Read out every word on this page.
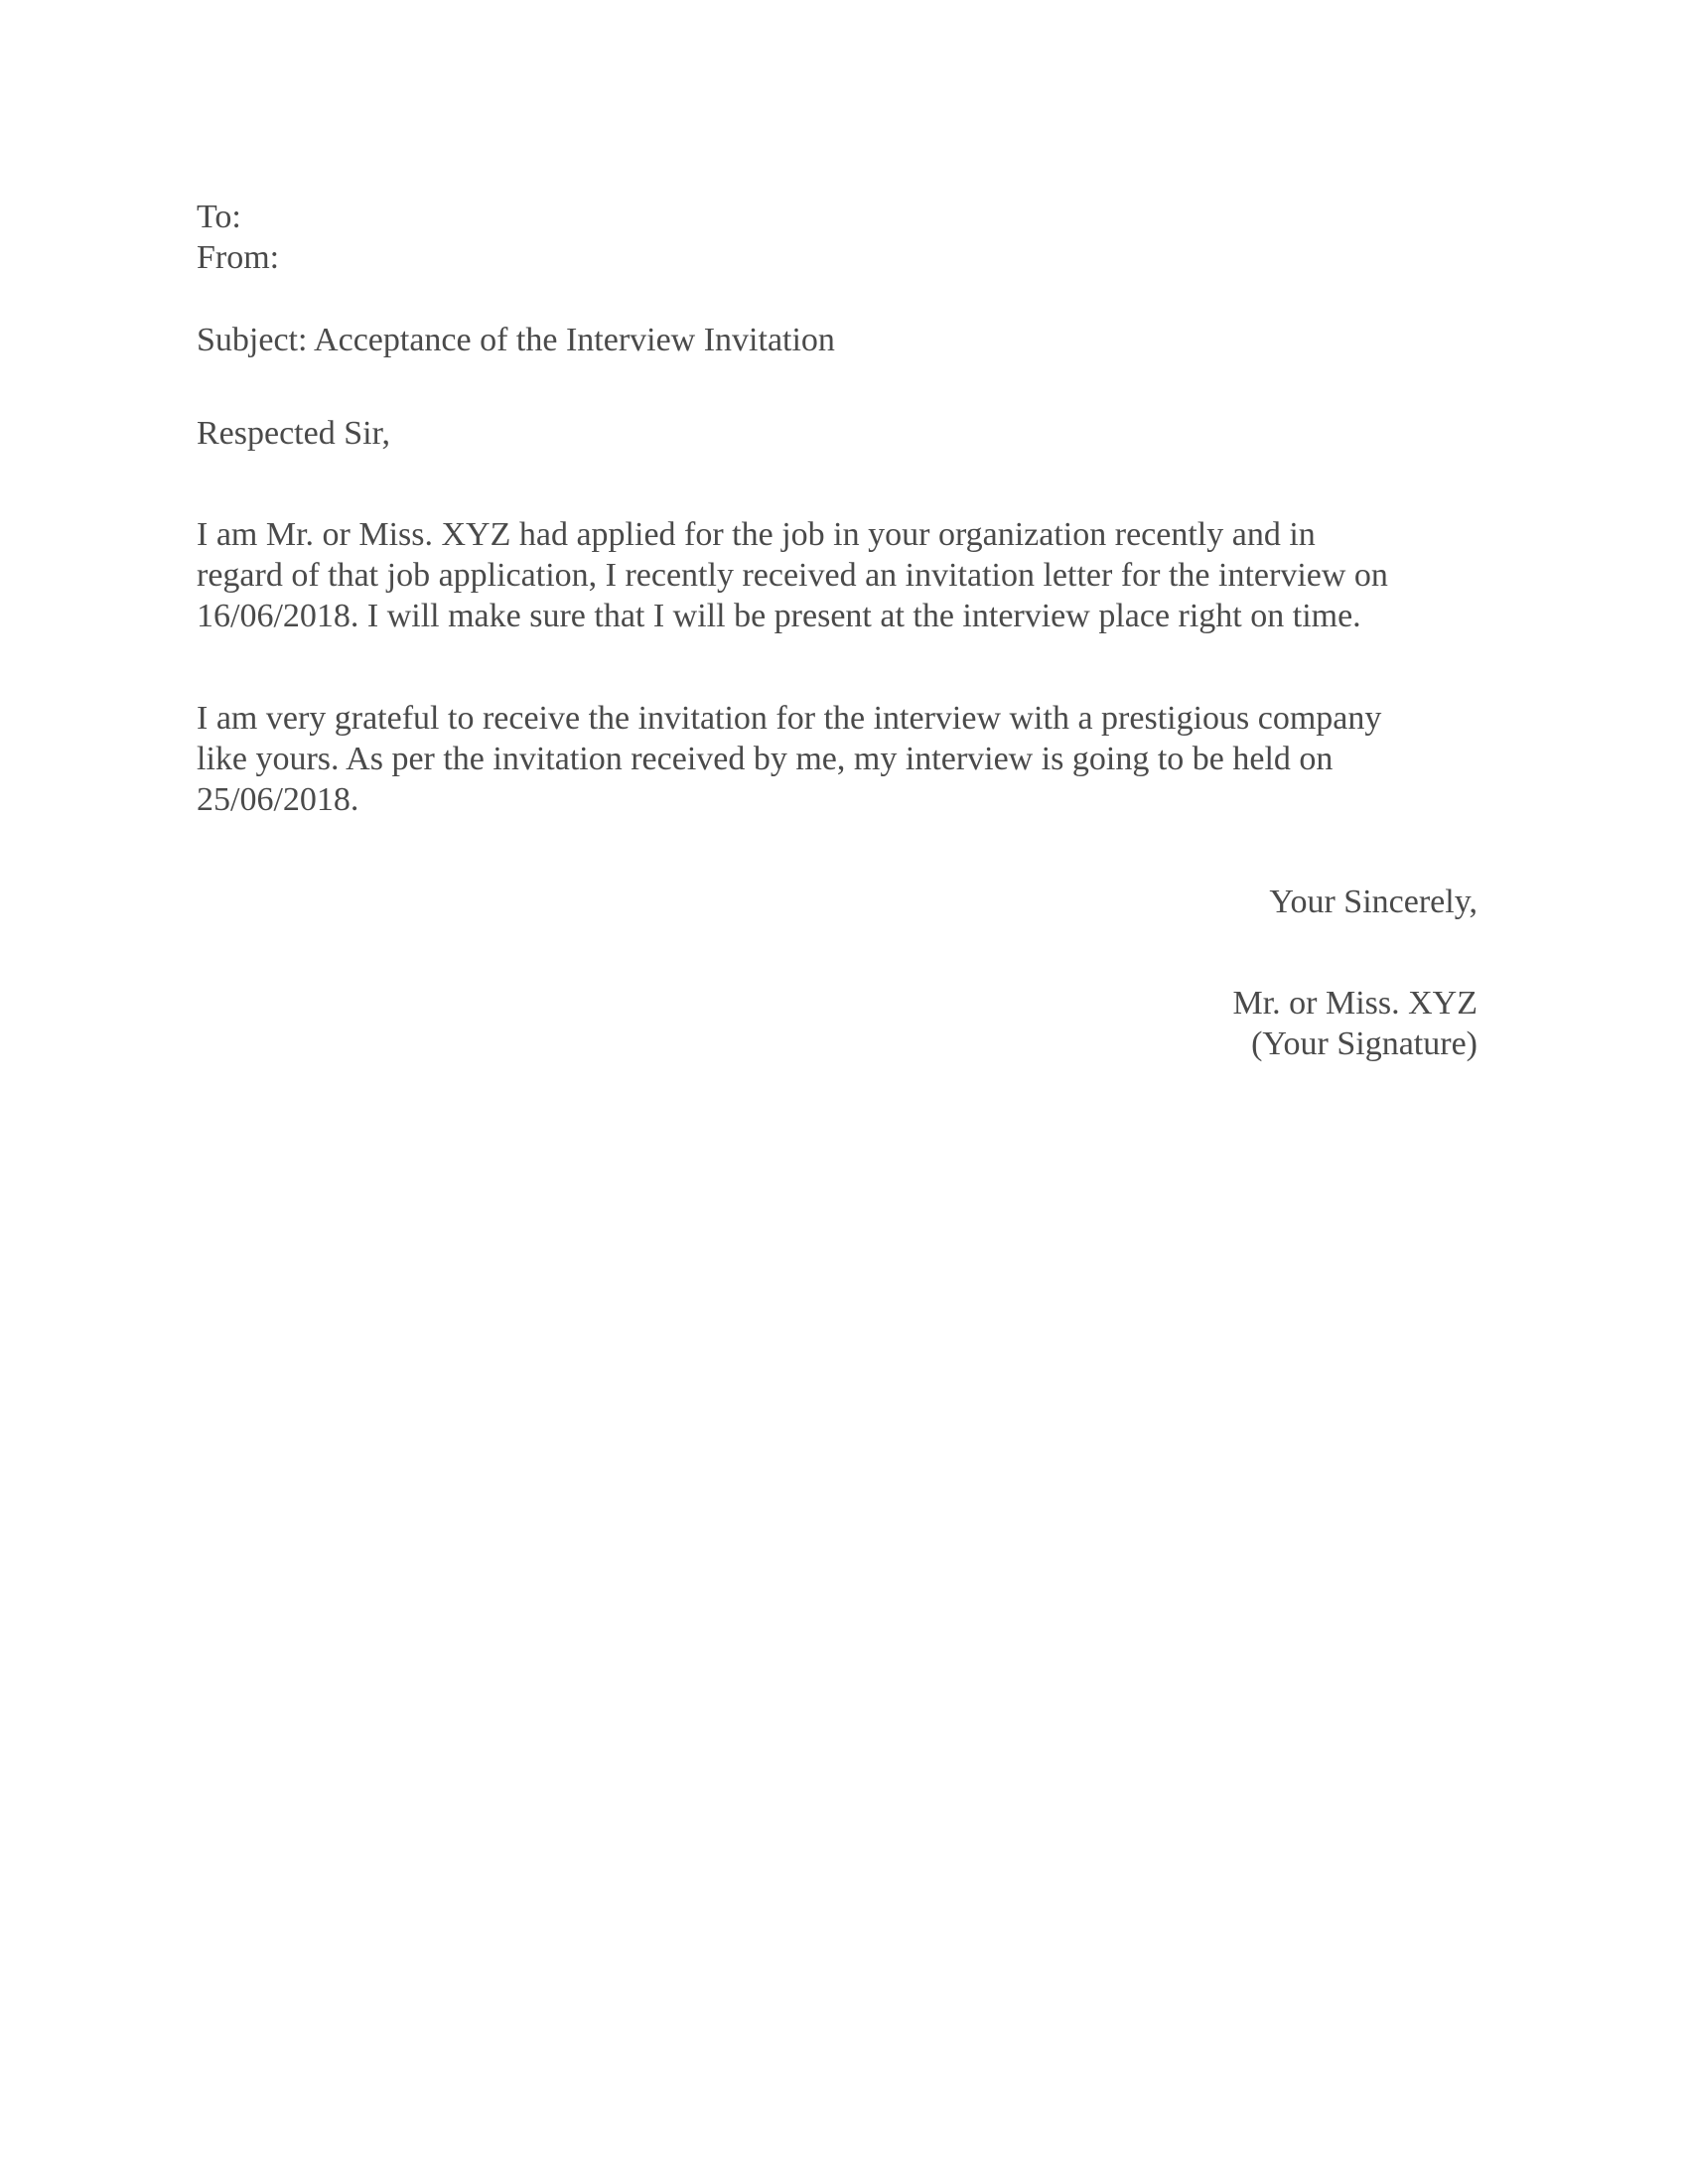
To:
From:
Subject: Acceptance of the Interview Invitation
Respected Sir,
I am Mr. or Miss. XYZ had applied for the job in your organization recently and in
regard of that job application, I recently received an invitation letter for the interview on
16/06/2018. I will make sure that I will be present at the interview place right on time.
I am very grateful to receive the invitation for the interview with a prestigious company
like yours. As per the invitation received by me, my interview is going to be held on
25/06/2018.
Your Sincerely,
Mr. or Miss. XYZ
(Your Signature)
